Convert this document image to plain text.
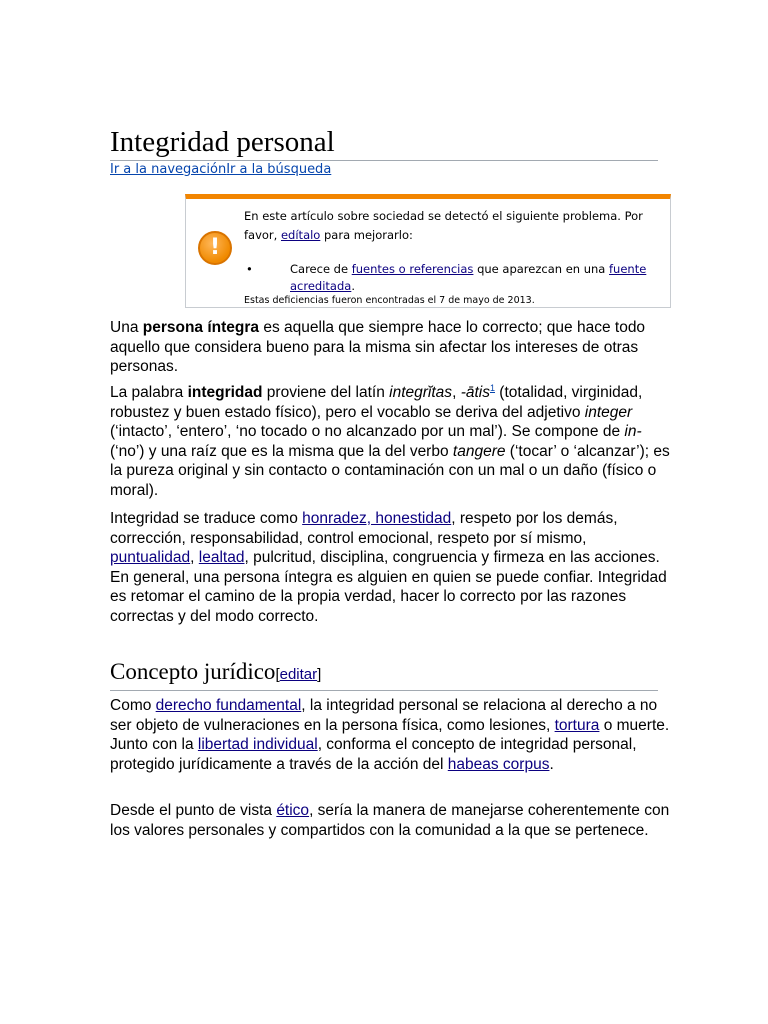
Integridad personal
Ir a la navegaciónIr a la búsqueda
!
En este artículo sobre sociedad se detectó el siguiente problema. Por favor, edítalo para mejorarlo:
•	Carece de fuentes o referencias que aparezcan en una fuente acreditada.
Estas deficiencias fueron encontradas el 7 de mayo de 2013.

Una persona íntegra es aquella que siempre hace lo correcto; que hace todo aquello que considera bueno para la misma sin afectar los intereses de otras personas.

La palabra integridad proviene del latín integrĭtas, -ātis$^1$ (totalidad, virginidad, robustez y buen estado físico), pero el vocablo se deriva del adjetivo integer (‘intacto’, ‘entero’, ‘no tocado o no alcanzado por un mal’). Se compone de in- (‘no’) y una raíz que es la misma que la del verbo tangere (‘tocar’ o ‘alcanzar’); es la pureza original y sin contacto o contaminación con un mal o un daño (físico o moral).

Integridad se traduce como honradez, honestidad, respeto por los demás, corrección, responsabilidad, control emocional, respeto por sí mismo, puntualidad, lealtad, pulcritud, disciplina, congruencia y firmeza en las acciones. En general, una persona íntegra es alguien en quien se puede confiar. Integridad es retomar el camino de la propia verdad, hacer lo correcto por las razones correctas y del modo correcto.

Concepto jurídico[editar]

Como derecho fundamental, la integridad personal se relaciona al derecho a no ser objeto de vulneraciones en la persona física, como lesiones, tortura o muerte. Junto con la libertad individual, conforma el concepto de integridad personal, protegido jurídicamente a través de la acción del habeas corpus.

Desde el punto de vista ético, sería la manera de manejarse coherentemente con los valores personales y compartidos con la comunidad a la que se pertenece.
